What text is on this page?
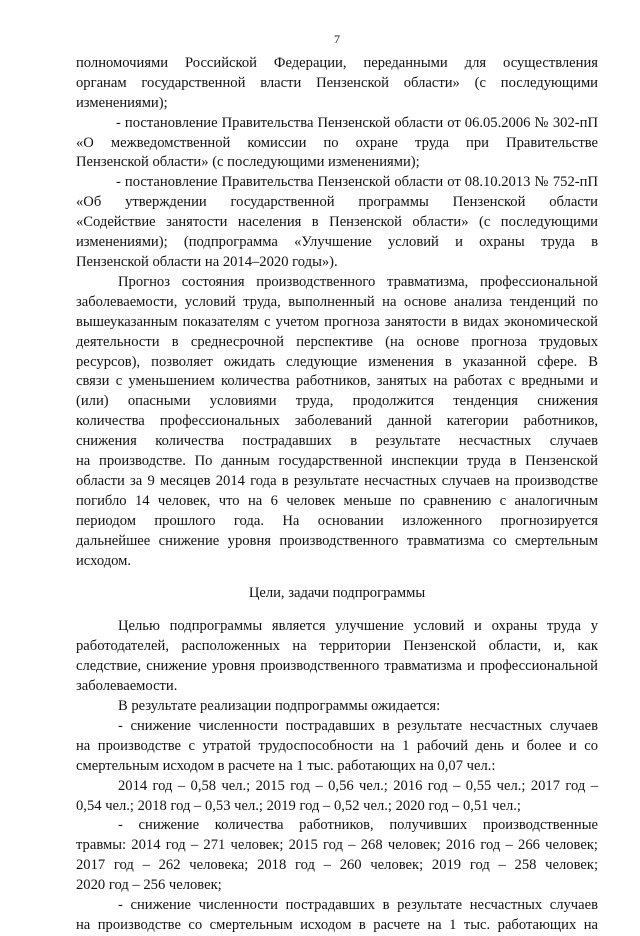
7
полномочиями Российской Федерации, переданными для осуществления
органам государственной власти Пензенской области» (с последующими
изменениями);
- постановление Правительства Пензенской области от 06.05.2006 № 302-пП
«О межведомственной комиссии по охране труда при Правительстве
Пензенской области» (с последующими изменениями);
- постановление Правительства Пензенской области от 08.10.2013 № 752-пП
«Об утверждении государственной программы Пензенской области
«Содействие занятости населения в Пензенской области» (с последующими
изменениями); (подпрограмма «Улучшение условий и охраны труда в
Пензенской области на 2014–2020 годы»).
Прогноз состояния производственного травматизма, профессиональной
заболеваемости, условий труда, выполненный на основе анализа тенденций по
вышеуказанным показателям с учетом прогноза занятости в видах экономической
деятельности в среднесрочной перспективе (на основе прогноза трудовых
ресурсов), позволяет ожидать следующие изменения в указанной сфере. В
связи с уменьшением количества работников, занятых на работах с вредными и
(или) опасными условиями труда, продолжится тенденция снижения
количества профессиональных заболеваний данной категории работников,
снижения количества пострадавших в результате несчастных случаев
на производстве. По данным государственной инспекции труда в Пензенской
области за 9 месяцев 2014 года в результате несчастных случаев на производстве
погибло 14 человек, что на 6 человек меньше по сравнению с аналогичным
периодом прошлого года. На основании изложенного прогнозируется
дальнейшее снижение уровня производственного травматизма со смертельным
исходом.
Цели, задачи подпрограммы
Целью подпрограммы является улучшение условий и охраны труда у
работодателей, расположенных на территории Пензенской области, и, как
следствие, снижение уровня производственного травматизма и профессиональной
заболеваемости.
В результате реализации подпрограммы ожидается:
- снижение численности пострадавших в результате несчастных случаев
на производстве с утратой трудоспособности на 1 рабочий день и более и со
смертельным исходом в расчете на 1 тыс. работающих на 0,07 чел.:
2014 год – 0,58 чел.; 2015 год – 0,56 чел.; 2016 год – 0,55 чел.; 2017 год –
0,54 чел.; 2018 год – 0,53 чел.; 2019 год – 0,52 чел.; 2020 год – 0,51 чел.;
- снижение количества работников, получивших производственные
травмы: 2014 год – 271 человек; 2015 год – 268 человек; 2016 год – 266 человек;
2017 год – 262 человека; 2018 год – 260 человек; 2019 год – 258 человек;
2020 год – 256 человек;
- снижение численности пострадавших в результате несчастных случаев
на производстве со смертельным исходом в расчете на 1 тыс. работающих на
